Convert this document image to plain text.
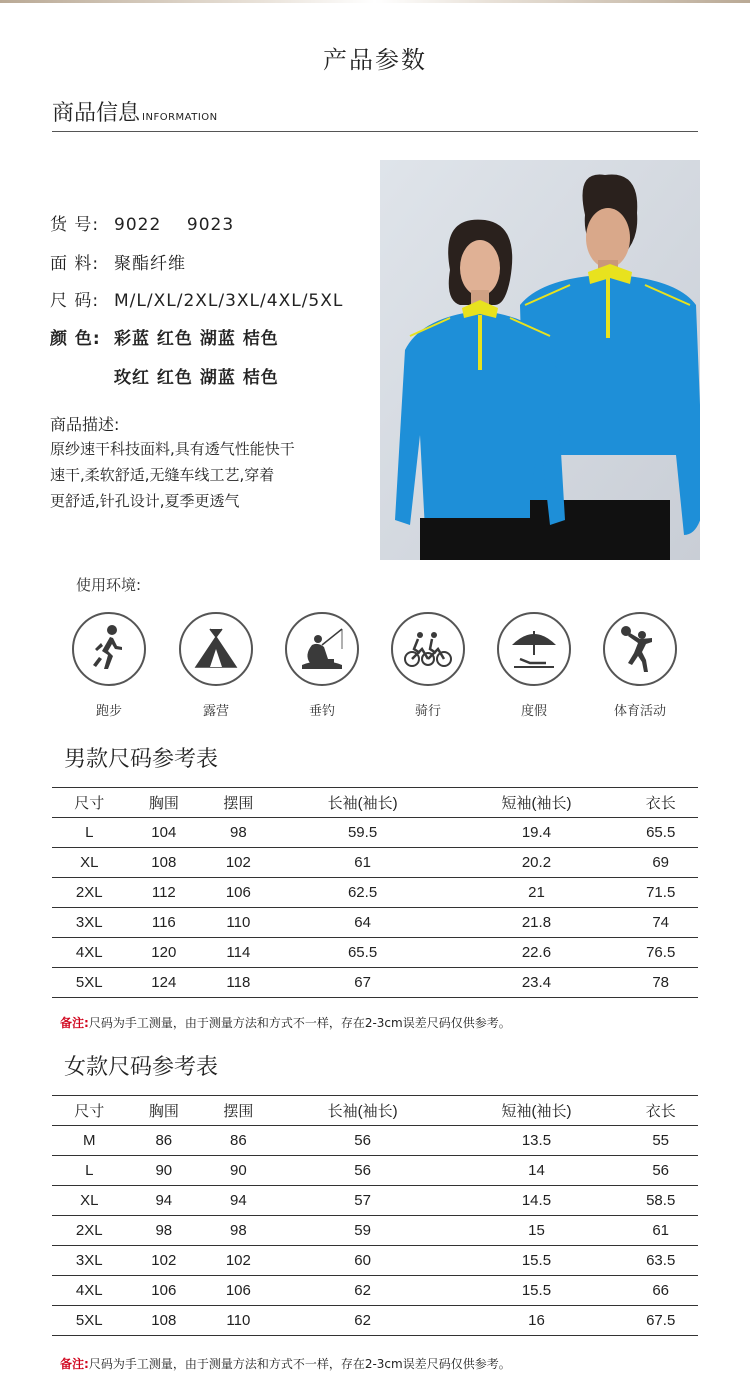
产品参数
商品信息 INFORMATION
货 号: 9022    9023
面 料: 聚酯纤维
尺 码: M/L/XL/2XL/3XL/4XL/5XL
颜 色: 彩蓝 红色 湖蓝 桔色
玫红 红色 湖蓝 桔色
商品描述:
原纱速干科技面料,具有透气性能快干
速干,柔软舒适,无缝车线工艺,穿着
更舒适,针孔设计,夏季更透气
使用环境:
跑步	露营	垂钓	骑行	度假	体育活动
男款尺码参考表
尺寸	胸围	摆围	长袖(袖长)	短袖(袖长)	衣长
L	104	98	59.5	19.4	65.5
XL	108	102	61	20.2	69
2XL	112	106	62.5	21	71.5
3XL	116	110	64	21.8	74
4XL	120	114	65.5	22.6	76.5
5XL	124	118	67	23.4	78
备注:尺码为手工测量，由于测量方法和方式不一样，存在2-3cm误差尺码仅供参考。
女款尺码参考表
尺寸	胸围	摆围	长袖(袖长)	短袖(袖长)	衣长
M	86	86	56	13.5	55
L	90	90	56	14	56
XL	94	94	57	14.5	58.5
2XL	98	98	59	15	61
3XL	102	102	60	15.5	63.5
4XL	106	106	62	15.5	66
5XL	108	110	62	16	67.5
备注:尺码为手工测量，由于测量方法和方式不一样，存在2-3cm误差尺码仅供参考。
